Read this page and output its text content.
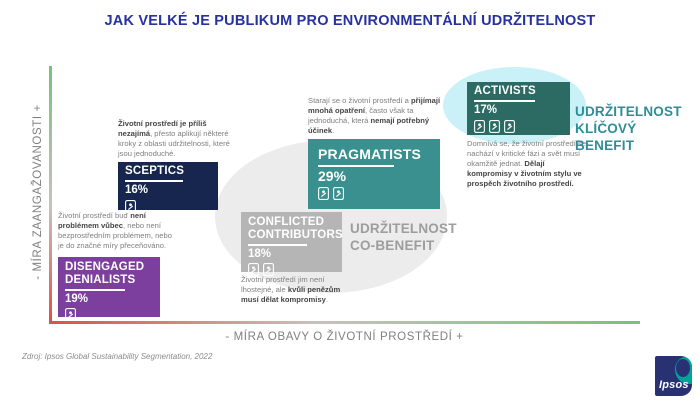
JAK VELKÉ JE PUBLIKUM PRO ENVIRONMENTÁLNÍ UDRŽITELNOST
- MÍRA ZAANGAŽOVANOSTI +
- MÍRA OBAVY O ŽIVOTNÍ PROSTŘEDÍ +
Životní prostředí je příliš nezajímá, přesto aplikují některé kroky z oblasti udržitelnosti, které jsou jednoduché.
Životní prostředí buď není problémem vůbec, nebo není bezprostředním problémem, nebo je do značné míry přeceňováno.
Starají se o životní prostředí a přijímají mnohá opatření, často však ta jednoduchá, která nemají potřebný účinek.
Životní prostředí jim není lhostejné, ale kvůli penězům musí dělat kompromisy.
Domnívá se, že životní prostředí se nachází v kritické fázi a svět musí okamžitě jednat. Dělají kompromisy v životním stylu ve prospěch životního prostředí.
DISENGAGED
DENIALISTS
19%
SCEPTICS
16%
CONFLICTED
CONTRIBUTORS
18%
PRAGMATISTS
29%
ACTIVISTS
17%
UDRŽITELNOST
CO-BENEFIT
UDRŽITELNOST
KLÍČOVÝ
BENEFIT
Zdroj: Ipsos Global Sustainability Segmentation, 2022
Ipsos
